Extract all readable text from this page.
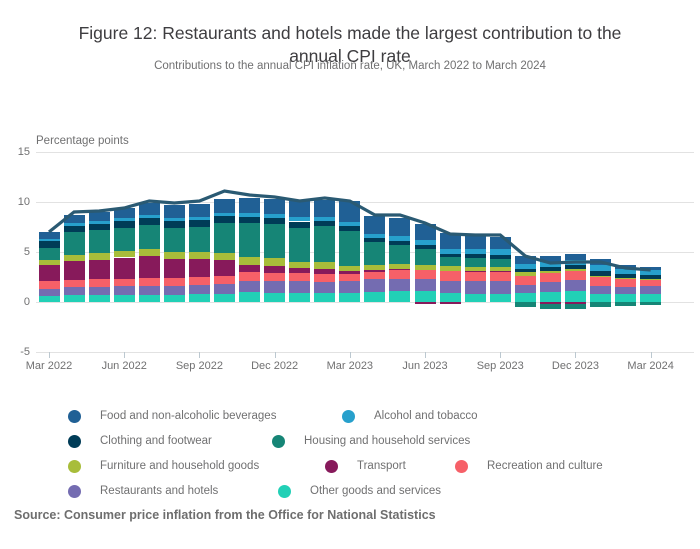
Figure 12: Restaurants and hotels made the largest contribution to the annual CPI rate
Contributions to the annual CPI inflation rate, UK, March 2022 to March 2024
Percentage points
15
10
5
0
-5
Mar 2022	Jun 2022	Sep 2022	Dec 2022	Mar 2023	Jun 2023	Sep 2023	Dec 2023	Mar 2024
Food and non-alcoholic beverages	Alcohol and tobacco
Clothing and footwear	Housing and household services
Furniture and household goods	Transport	Recreation and culture
Restaurants and hotels	Other goods and services
Source: Consumer price inflation from the Office for National Statistics
